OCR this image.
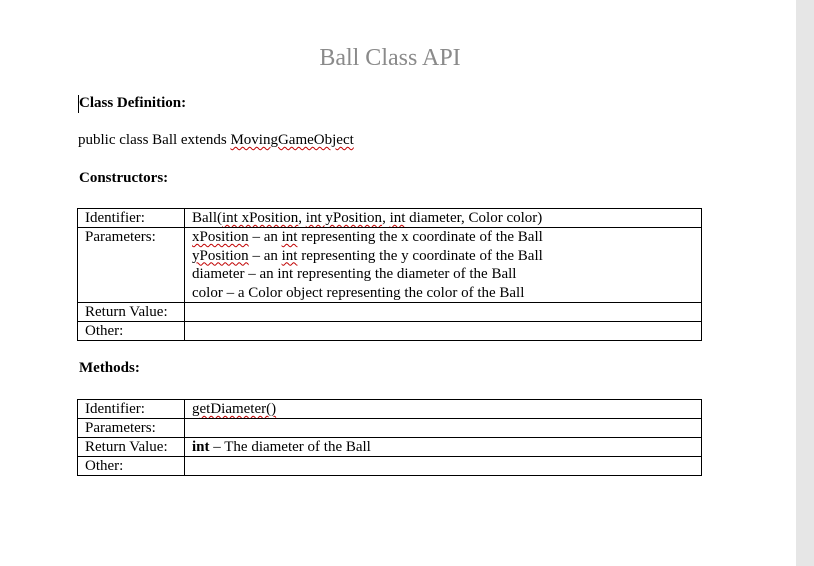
Ball Class API
Class Definition:
public class Ball extends MovingGameObject
Constructors:
Identifier:	Ball(int xPosition, int yPosition, int diameter, Color color)
Parameters:	xPosition – an int representing the x coordinate of the Ball
yPosition – an int representing the y coordinate of the Ball
diameter – an int representing the diameter of the Ball
color – a Color object representing the color of the Ball

Return Value:	
Other:	
Methods:
Identifier:	getDiameter()
Parameters:	
Return Value:	int – The diameter of the Ball
Other:	
